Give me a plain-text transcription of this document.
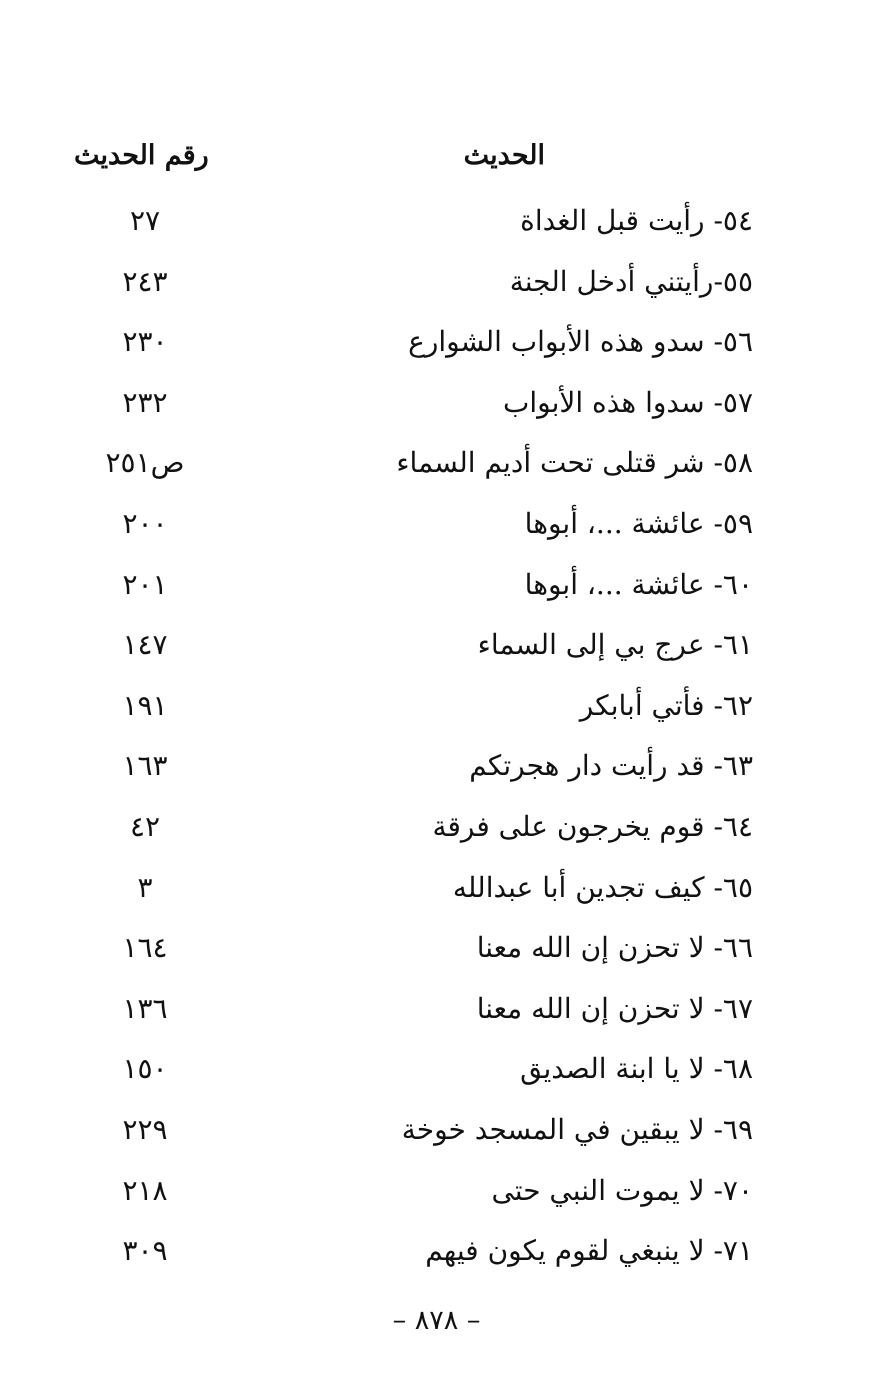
الحديث
رقم الحديث
٥٤- رأيت قبل الغداة
٢٧
٥٥-رأيتني أدخل الجنة
٢٤٣
٥٦- سدو هذه الأبواب الشوارع
٢٣٠
٥٧- سدوا هذه الأبواب
٢٣٢
٥٨- شر قتلى تحت أديم السماء
ص٢٥١
٥٩- عائشة ...، أبوها
٢٠٠
٦٠- عائشة ...، أبوها
٢٠١
٦١- عرج بي إلى السماء
١٤٧
٦٢- فأتي أبابكر
١٩١
٦٣- قد رأيت دار هجرتكم
١٦٣
٦٤- قوم يخرجون على فرقة
٤٢
٦٥- كيف تجدين أبا عبدالله
٣
٦٦- لا تحزن إن الله معنا
١٦٤
٦٧- لا تحزن إن الله معنا
١٣٦
٦٨- لا يا ابنة الصديق
١٥٠
٦٩- لا يبقين في المسجد خوخة
٢٢٩
٧٠- لا يموت النبي حتى
٢١٨
٧١- لا ينبغي لقوم يكون فيهم
٣٠٩
– ٨٧٨ –
